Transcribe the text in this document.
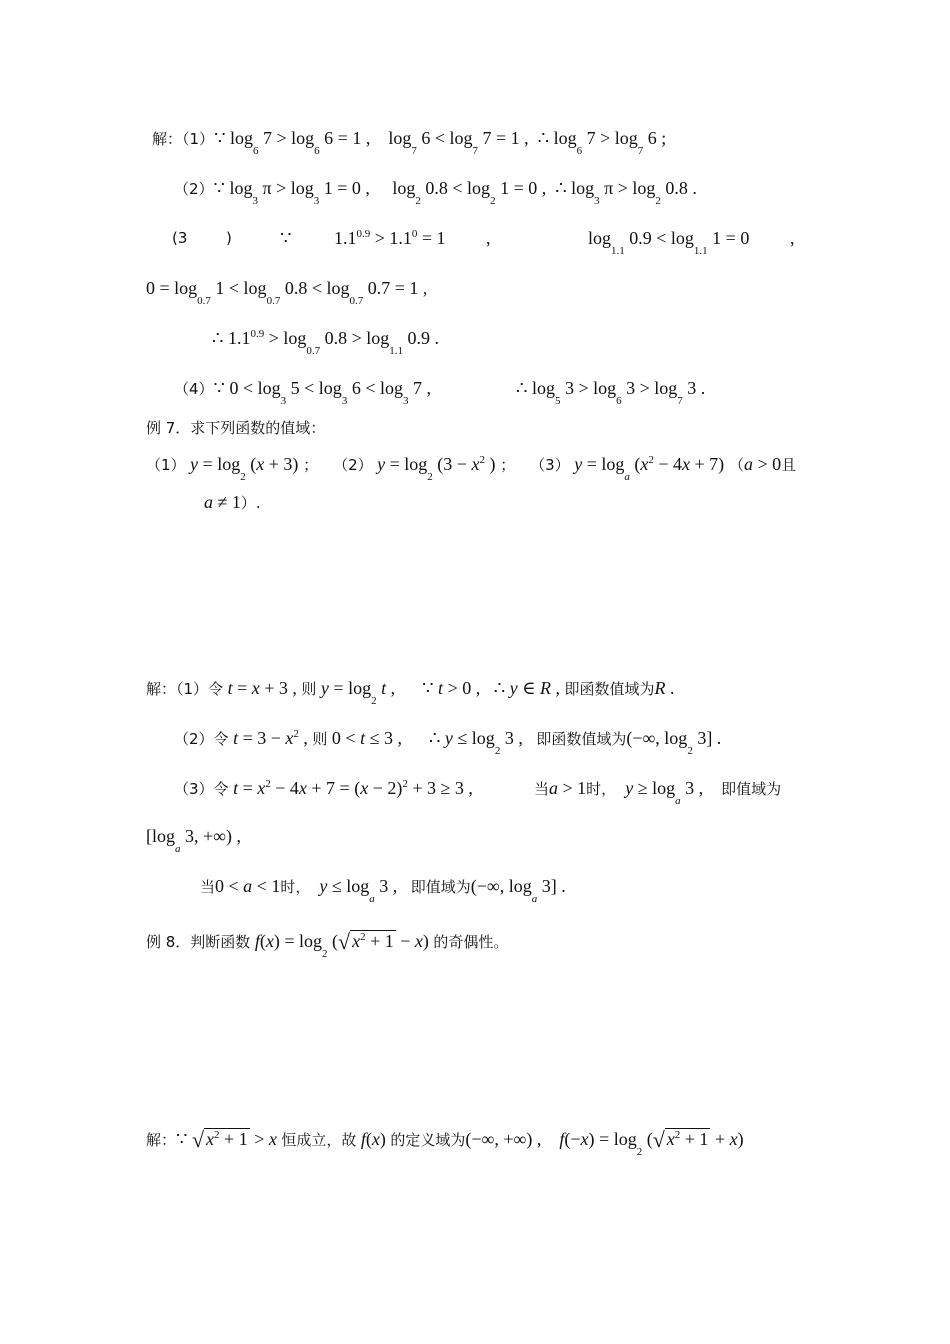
解：（1）∵ $\log_6 7 > \log_6 6 = 1$ ,    $\log_7 6 < \log_7 7 = 1$ ,  ∴ $\log_6 7 > \log_7 6$ ;
（2）∵ $\log_3 \pi > \log_3 1 = 0$ ,     $\log_2 0.8 < \log_2 1 = 0$ ,  ∴ $\log_3 \pi > \log_2 0.8$ .
(3	)	∵ $1.1^{0.9} > 1.1^0 = 1$ ,	$\log_{1.1} 0.9 < \log_{1.1} 1 = 0$ ,
$0 = \log_{0.7} 1 < \log_{0.7} 0.8 < \log_{0.7} 0.7 = 1$ ,
∴ $1.1^{0.9} > \log_{0.7} 0.8 > \log_{1.1} 0.9$ .
（4）∵ $0 < \log_3 5 < \log_3 6 < \log_3 7$ ,	∴ $\log_5 3 > \log_6 3 > \log_7 3$ .
例 7．求下列函数的值域：
（1） $y = \log_2 (x + 3)$ ；   （2） $y = \log_2 (3 - x^2$ ) ；   （3） $y = \log_a (x^2 - 4x + 7) (a > 0$且
a ≠ 1）.
解：（1）令 t = x + 3 , 则 $y = \log_2 t$ ,      ∵ t > 0 ,   ∴ y ∈ R , 即函数值域为R .
（2）令 $t = 3 - x^2$ , 则 0 < t ≤ 3 ,      ∴ $y \le \log_2 3$ ,   即函数值域为(−∞, $\log_2 3$] .
（3）令 $t = x^2 - 4x + 7 = (x - 2)^2 + 3 \ge 3$ ,	当a > 1时， $y \ge \log_a 3$ ,    即值域为
[$\log_a$ 3, +∞) ,
当0 < a < 1时， $y \le \log_a 3$ ,   即值域为(−∞, $\log_a 3$] .
例 8．判断函数 $f(x) = \log_2$ (√ $x^2 + 1 - x$) 的奇偶性。
解：∵ √ $x^2 + 1 > x$ 恒成立，故 f(x) 的定义域为(−∞, +∞) ,    $f(-x) = \log_2$ (√ $x^2 + 1 + x$)
